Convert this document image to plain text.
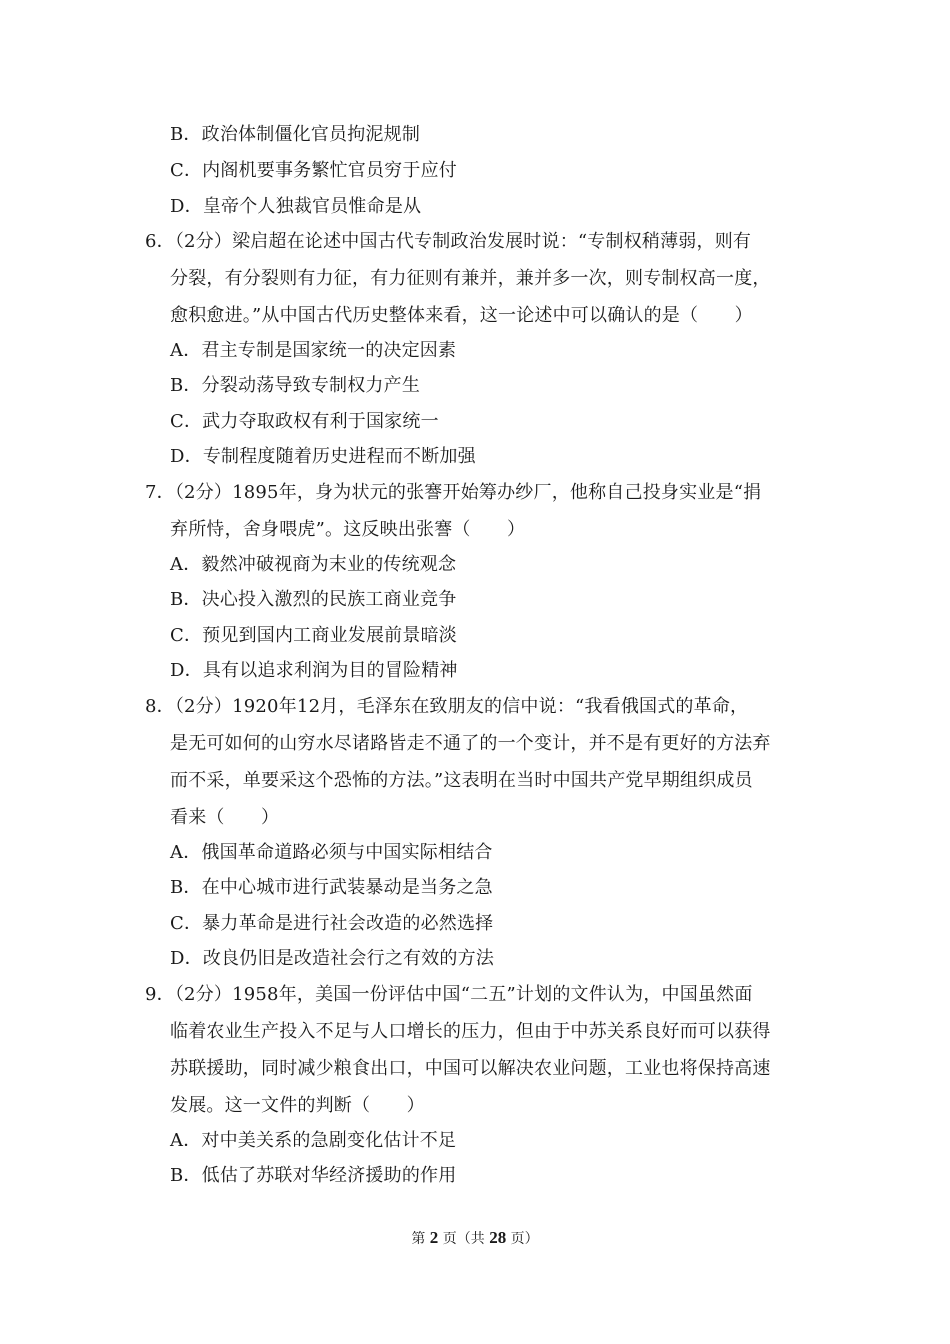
B．政治体制僵化官员拘泥规制
C．内阁机要事务繁忙官员穷于应付
D．皇帝个人独裁官员惟命是从
6．（2分）梁启超在论述中国古代专制政治发展时说：“专制权稍薄弱，则有
分裂，有分裂则有力征，有力征则有兼并，兼并多一次，则专制权高一度，
愈积愈进。”从中国古代历史整体来看，这一论述中可以确认的是（　　）
A．君主专制是国家统一的决定因素
B．分裂动荡导致专制权力产生
C．武力夺取政权有利于国家统一
D．专制程度随着历史进程而不断加强
7．（2分）1895年，身为状元的张謇开始筹办纱厂，他称自己投身实业是“捐
弃所恃，舍身喂虎”。这反映出张謇（　　）
A．毅然冲破视商为末业的传统观念
B．决心投入激烈的民族工商业竞争
C．预见到国内工商业发展前景暗淡
D．具有以追求利润为目的冒险精神
8．（2分）1920年12月，毛泽东在致朋友的信中说：“我看俄国式的革命，
是无可如何的山穷水尽诸路皆走不通了的一个变计，并不是有更好的方法弃
而不采，单要采这个恐怖的方法。”这表明在当时中国共产党早期组织成员
看来（　　）
A．俄国革命道路必须与中国实际相结合
B．在中心城市进行武装暴动是当务之急
C．暴力革命是进行社会改造的必然选择
D．改良仍旧是改造社会行之有效的方法
9．（2分）1958年，美国一份评估中国“二五”计划的文件认为，中国虽然面
临着农业生产投入不足与人口增长的压力，但由于中苏关系良好而可以获得
苏联援助，同时减少粮食出口，中国可以解决农业问题，工业也将保持高速
发展。这一文件的判断（　　）
A．对中美关系的急剧变化估计不足
B．低估了苏联对华经济援助的作用
第 2 页（共 28 页）
